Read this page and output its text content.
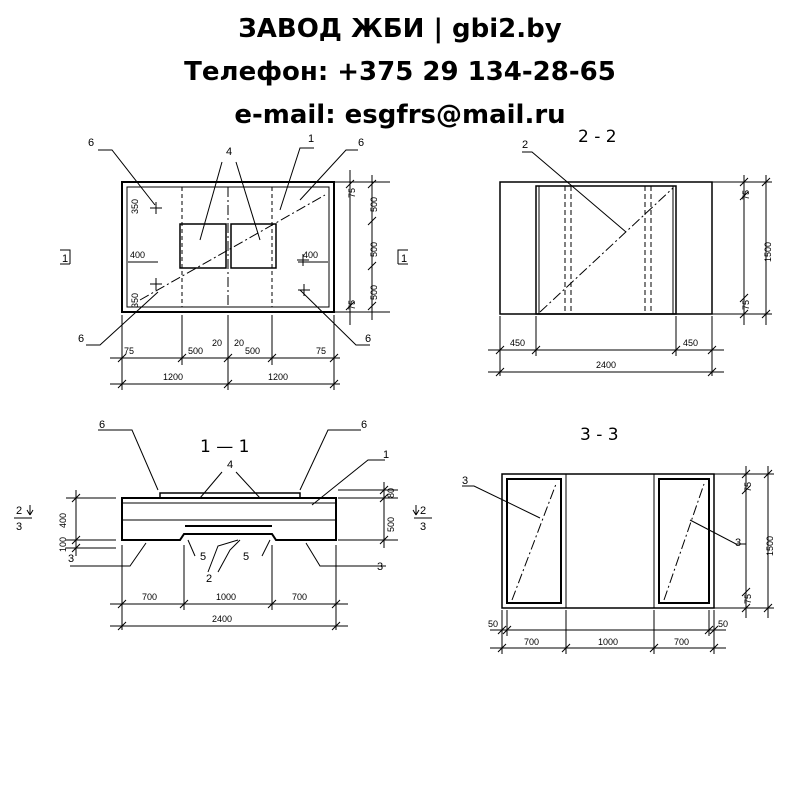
ЗАВОД ЖБИ | gbi2.by
Телефон: +375 29 134-28-65
e-mail: esgfrs@mail.ru
6
4
1	6
6	6
1	1
350
350
400	400
75
500
500
500
75
75	500
20 20
500	75
1200	1200
2 - 2
2
75
1500
75
450	450
2400
1 — 1
6
4
6
1
3	5	5
2
3
2
3
2
3
400
100
80
500
700	1000	700
2400
3 - 3
3
3
75
1500
75
50
700	1000	700
50
